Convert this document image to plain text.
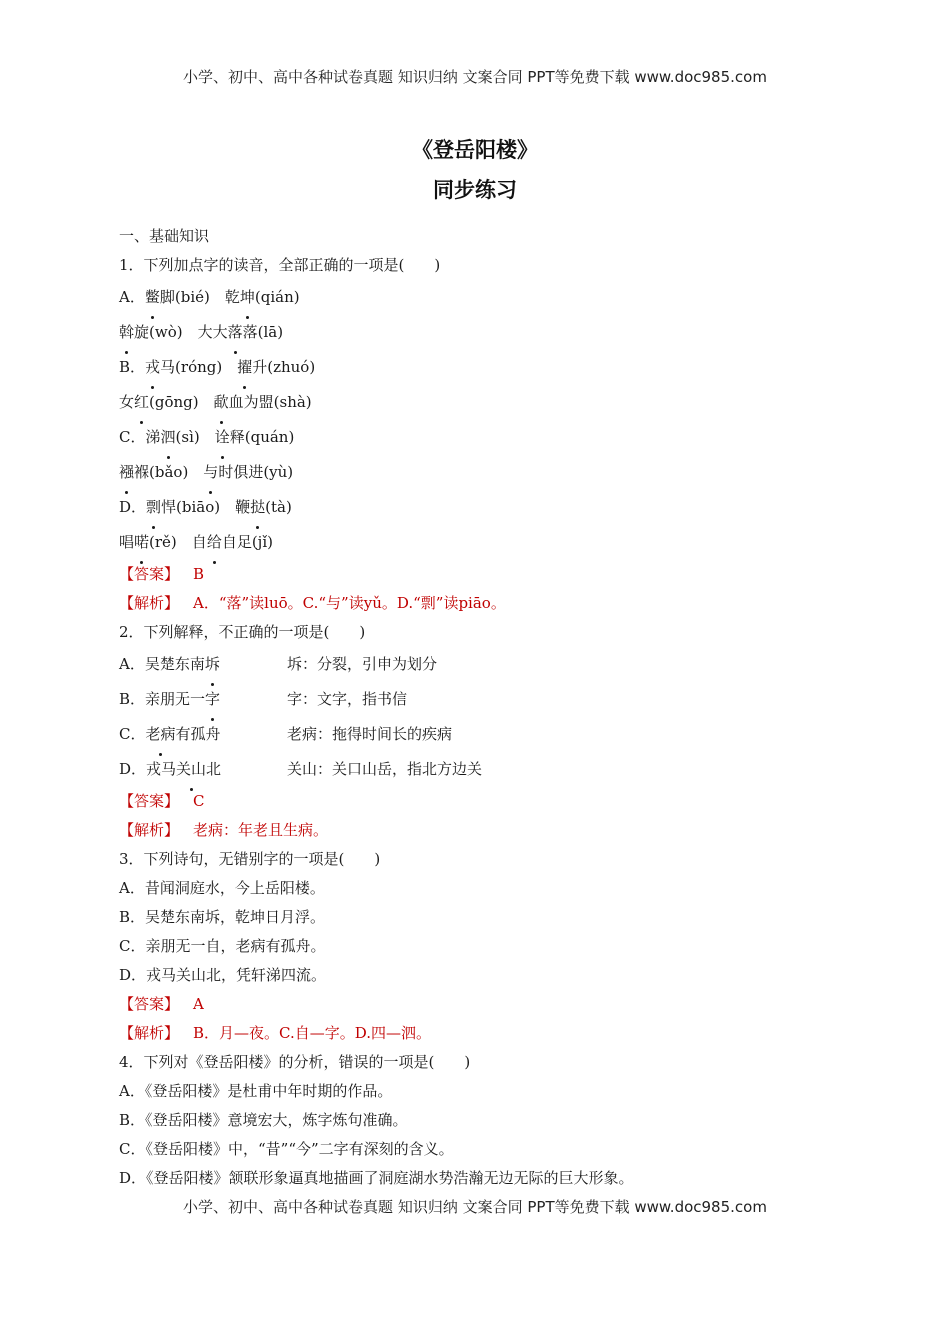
小学、初中、高中各种试卷真题 知识归纳 文案合同 PPT等免费下载 www.doc985.com
《登岳阳楼》
同步练习
一、基础知识
1．下列加点字的读音，全部正确的一项是(　　)
A．鳖脚(bié)  乾坤(qián)
斡旋(wò)  大大落落(lā)
B．戎马(róng)  擢升(zhuó)
女红(gōng)  歃血为盟(shà)
C．涕泗(sì)  诠释(quán)
襁褓(bǎo)  与时俱进(yù)
D．剽悍(biāo)  鞭挞(tà)
唱喏(rě)  自给自足(jǐ)
【答案】 B
【解析】 A．“落”读luō。C.“与”读yǔ。D.“剽”读piāo。
2．下列解释，不正确的一项是(　　)
A．吴楚东南坼	坼：分裂，引申为划分
B．亲朋无一字	字：文字，指书信
C．老病有孤舟	老病：拖得时间长的疾病
D．戎马关山北	关山：关口山岳，指北方边关
【答案】 C
【解析】 老病：年老且生病。
3．下列诗句，无错别字的一项是(　　)
A．昔闻洞庭水，今上岳阳楼。
B．吴楚东南坼，乾坤日月浮。
C．亲朋无一自，老病有孤舟。
D．戎马关山北，凭轩涕四流。
【答案】 A
【解析】 B．月—夜。C.自—字。D.四—泗。
4．下列对《登岳阳楼》的分析，错误的一项是(　　)
A．《登岳阳楼》是杜甫中年时期的作品。
B．《登岳阳楼》意境宏大，炼字炼句准确。
C．《登岳阳楼》中，“昔”“今”二字有深刻的含义。
D．《登岳阳楼》颔联形象逼真地描画了洞庭湖水势浩瀚无边无际的巨大形象。
小学、初中、高中各种试卷真题 知识归纳 文案合同 PPT等免费下载 www.doc985.com
